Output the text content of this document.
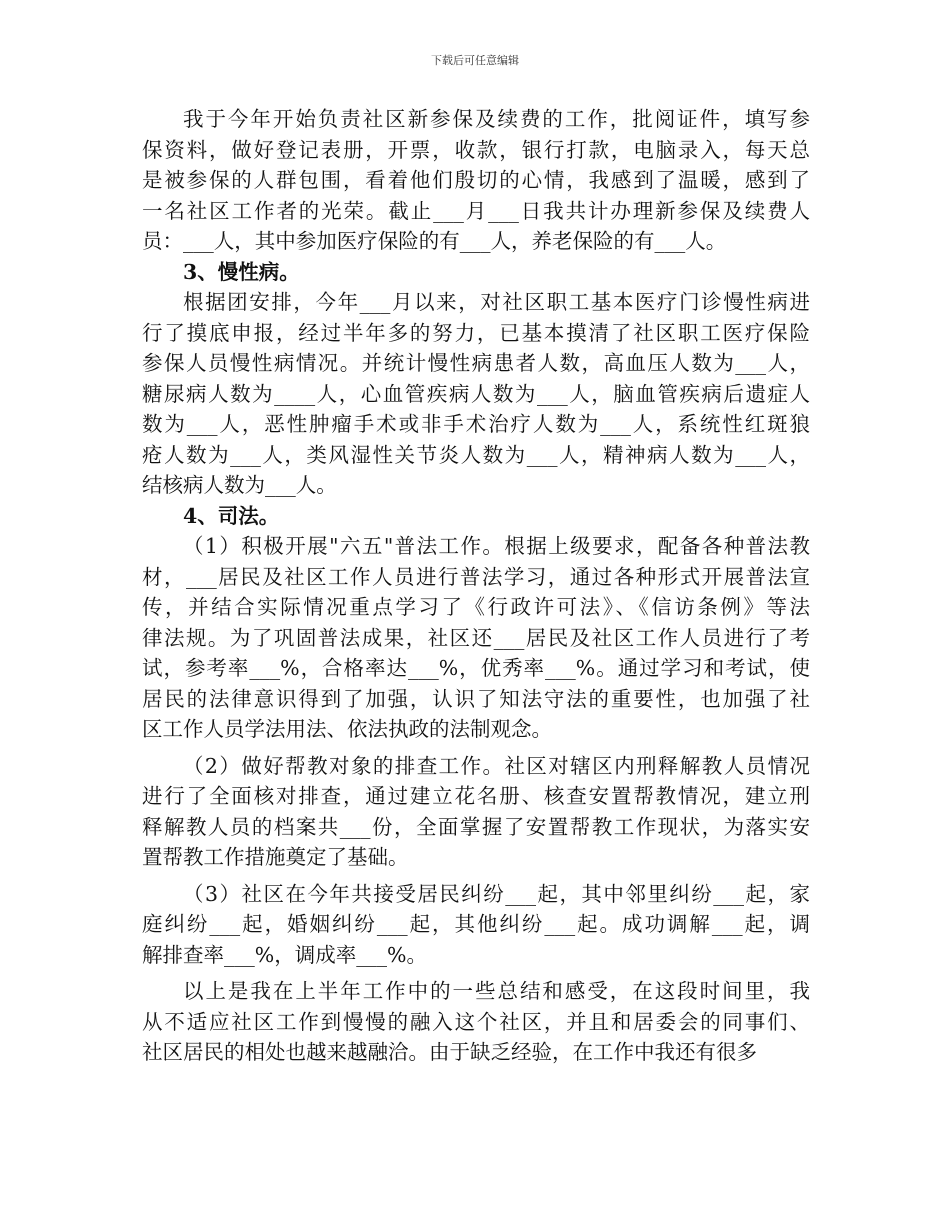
下载后可任意编辑
我于今年开始负责社区新参保及续费的工作，批阅证件，填写参
保资料，做好登记表册，开票，收款，银行打款，电脑录入，每天总
是被参保的人群包围，看着他们殷切的心情，我感到了温暖，感到了
一名社区工作者的光荣。截止___月___日我共计办理新参保及续费人
员：___人，其中参加医疗保险的有___人，养老保险的有___人。
3、慢性病。
根据团安排，今年___月以来，对社区职工基本医疗门诊慢性病进
行了摸底申报，经过半年多的努力，已基本摸清了社区职工医疗保险
参保人员慢性病情况。并统计慢性病患者人数，高血压人数为___人，
糖尿病人数为____人，心血管疾病人数为___人，脑血管疾病后遗症人
数为___人，恶性肿瘤手术或非手术治疗人数为___人，系统性红斑狼
疮人数为___人，类风湿性关节炎人数为___人，精神病人数为___人，
结核病人数为___人。
4、司法。
（1）积极开展"六五"普法工作。根据上级要求，配备各种普法教
材，___居民及社区工作人员进行普法学习，通过各种形式开展普法宣
传，并结合实际情况重点学习了《行政许可法》、《信访条例》等法
律法规。为了巩固普法成果，社区还___居民及社区工作人员进行了考
试，参考率___%，合格率达___%，优秀率___%。通过学习和考试，使
居民的法律意识得到了加强，认识了知法守法的重要性，也加强了社
区工作人员学法用法、依法执政的法制观念。
（2）做好帮教对象的排查工作。社区对辖区内刑释解教人员情况
进行了全面核对排查，通过建立花名册、核查安置帮教情况，建立刑
释解教人员的档案共___份，全面掌握了安置帮教工作现状，为落实安
置帮教工作措施奠定了基础。
（3）社区在今年共接受居民纠纷___起，其中邻里纠纷___起，家
庭纠纷___起，婚姻纠纷___起，其他纠纷___起。成功调解___起，调
解排查率___%，调成率___%。
以上是我在上半年工作中的一些总结和感受，在这段时间里，我
从不适应社区工作到慢慢的融入这个社区，并且和居委会的同事们、
社区居民的相处也越来越融洽。由于缺乏经验，在工作中我还有很多
